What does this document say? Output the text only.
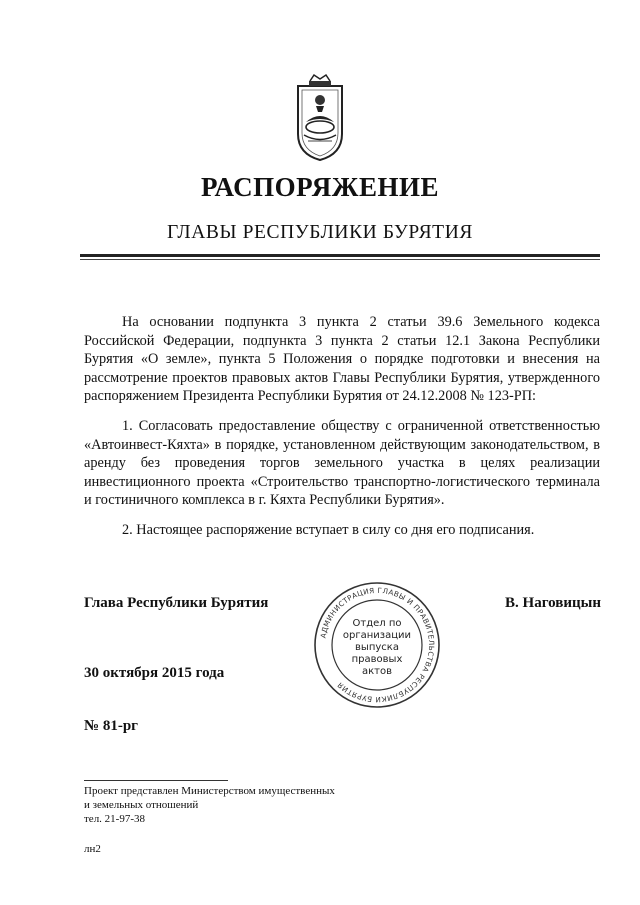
РАСПОРЯЖЕНИЕ
ГЛАВЫ РЕСПУБЛИКИ БУРЯТИЯ

На основании подпункта 3 пункта 2 статьи 39.6 Земельного кодекса Российской Федерации, подпункта 3 пункта 2 статьи 12.1 Закона Республики Бурятия «О земле», пункта 5 Положения о порядке подготовки и внесения на рассмотрение проектов правовых актов Главы Республики Бурятия, утвержденного распоряжением Президента Республики Бурятия от 24.12.2008 № 123-РП:

1. Согласовать предоставление обществу с ограниченной ответственностью «Автоинвест-Кяхта» в порядке, установленном действующим законодательством, в аренду без проведения торгов земельного участка в целях реализации инвестиционного проекта «Строительство транспортно-логистического терминала и гостиничного комплекса в г. Кяхта Республики Бурятия».

2. Настоящее распоряжение вступает в силу со дня его подписания.

Глава Республики Бурятия	В. Наговицын
АДМИНИСТРАЦИЯ ГЛАВЫ И ПРАВИТЕЛЬСТВА РЕСПУБЛИКИ БУРЯТИЯ
Отдел по
организации
выпуска
правовых
актов
30 октября 2015 года
№ 81-рг
Проект представлен Министерством имущественных
и земельных отношений
тел. 21-97-38
лн2
